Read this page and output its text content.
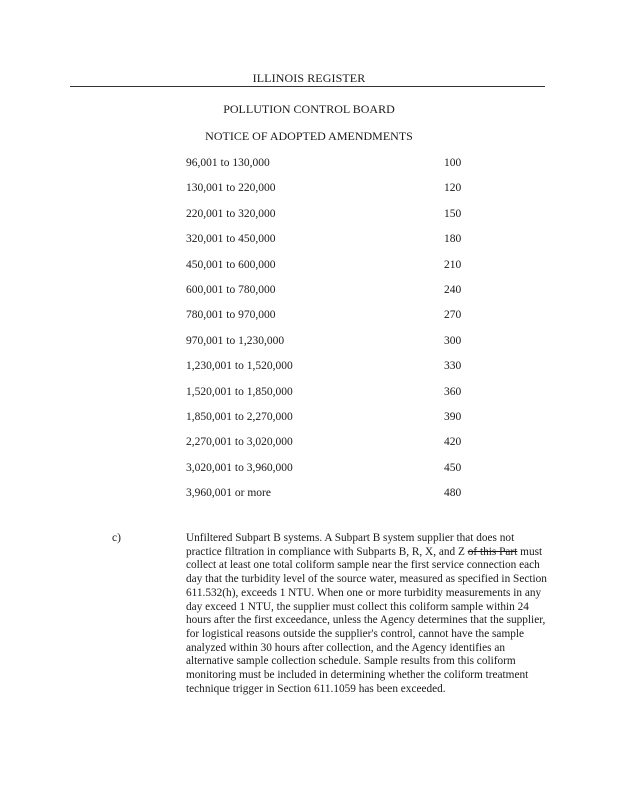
ILLINOIS REGISTER
POLLUTION CONTROL BOARD
NOTICE OF ADOPTED AMENDMENTS
96,001 to 130,000	100
130,001 to 220,000	120
220,001 to 320,000	150
320,001 to 450,000	180
450,001 to 600,000	210
600,001 to 780,000	240
780,001 to 970,000	270
970,001 to 1,230,000	300
1,230,001 to 1,520,000	330
1,520,001 to 1,850,000	360
1,850,001 to 2,270,000	390
2,270,001 to 3,020,000	420
3,020,001 to 3,960,000	450
3,960,001 or more	480
c)	Unfiltered Subpart B systems. A Subpart B system supplier that does not practice filtration in compliance with Subparts B, R, X, and Z of this Part must collect at least one total coliform sample near the first service connection each day that the turbidity level of the source water, measured as specified in Section 611.532(h), exceeds 1 NTU. When one or more turbidity measurements in any day exceed 1 NTU, the supplier must collect this coliform sample within 24 hours after the first exceedance, unless the Agency determines that the supplier, for logistical reasons outside the supplier's control, cannot have the sample analyzed within 30 hours after collection, and the Agency identifies an alternative sample collection schedule. Sample results from this coliform monitoring must be included in determining whether the coliform treatment technique trigger in Section 611.1059 has been exceeded.
